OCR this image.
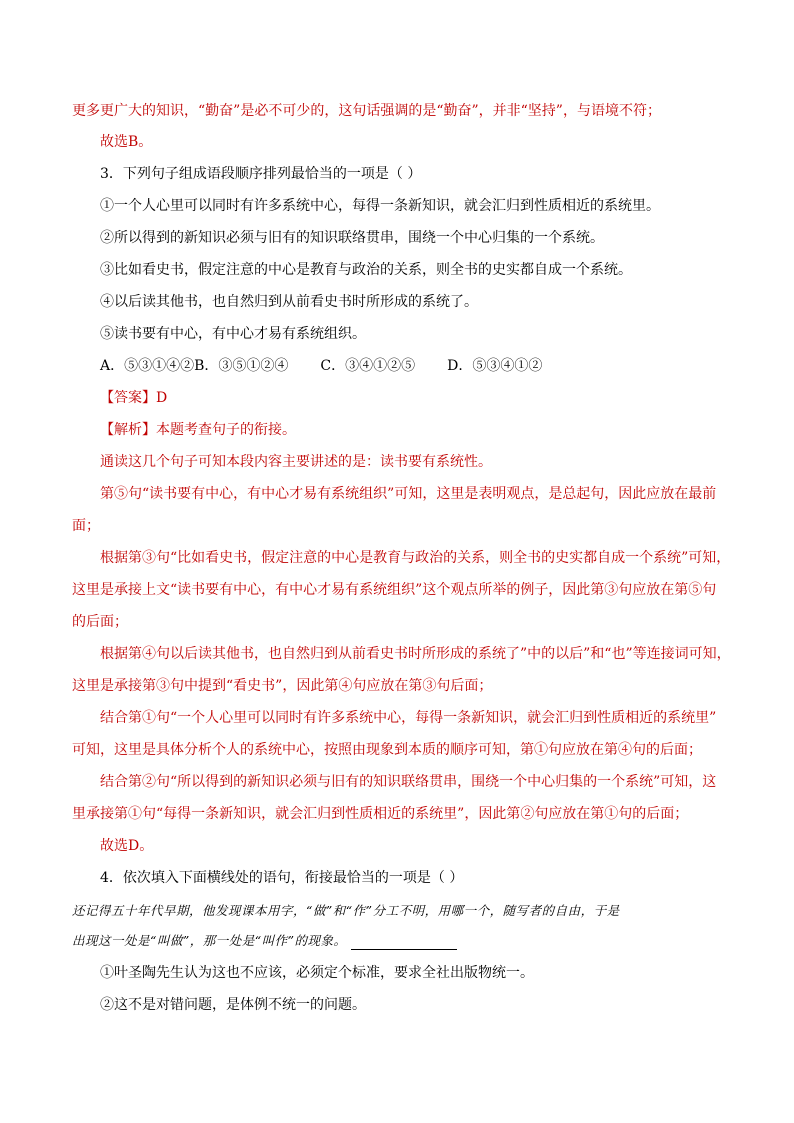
更多更广大的知识，“勤奋”是必不可少的，这句话强调的是“勤奋”，并非“坚持”，与语境不符；
故选B。
3．下列句子组成语段顺序排列最恰当的一项是（ ）
①一个人心里可以同时有许多系统中心，每得一条新知识，就会汇归到性质相近的系统里。
②所以得到的新知识必须与旧有的知识联络贯串，围绕一个中心归集的一个系统。
③比如看史书，假定注意的中心是教育与政治的关系，则全书的史实都自成一个系统。
④以后读其他书，也自然归到从前看史书时所形成的系统了。
⑤读书要有中心，有中心才易有系统组织。
A．⑤③①④②B．③⑤①②④ C．③④①②⑤ D．⑤③④①②
【答案】D
【解析】本题考查句子的衔接。
通读这几个句子可知本段内容主要讲述的是：读书要有系统性。
第⑤句“读书要有中心，有中心才易有系统组织”可知，这里是表明观点，是总起句，因此应放在最前
面；
根据第③句“比如看史书，假定注意的中心是教育与政治的关系，则全书的史实都自成一个系统”可知，
这里是承接上文“读书要有中心，有中心才易有系统组织”这个观点所举的例子，因此第③句应放在第⑤句
的后面；
根据第④句以后读其他书，也自然归到从前看史书时所形成的系统了”中的以后”和“也”等连接词可知，
这里是承接第③句中提到“看史书”，因此第④句应放在第③句后面；
结合第①句“一个人心里可以同时有许多系统中心，每得一条新知识，就会汇归到性质相近的系统里”
可知，这里是具体分析个人的系统中心，按照由现象到本质的顺序可知，第①句应放在第④句的后面；
结合第②句“所以得到的新知识必须与旧有的知识联络贯串，围绕一个中心归集的一个系统”可知，这
里承接第①句“每得一条新知识，就会汇归到性质相近的系统里”，因此第②句应放在第①句的后面；
故选D。
4．依次填入下面横线处的语句，衔接最恰当的一项是（ ）
还记得五十年代早期，他发现课本用字，“做”和“作”分工不明，用哪一个，随写者的自由，于是
出现这一处是“叫做”，那一处是“叫作”的现象。
①叶圣陶先生认为这也不应该，必须定个标准，要求全社出版物统一。
②这不是对错问题，是体例不统一的问题。
